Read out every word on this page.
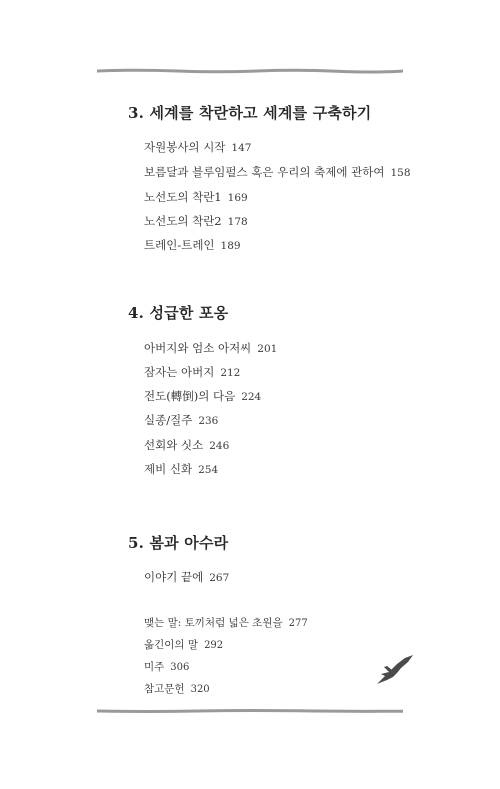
3. 세계를 착란하고 세계를 구축하기
자원봉사의 시작 147
보름달과 블루임펄스 혹은 우리의 축제에 관하여 158
노선도의 착란1 169
노선도의 착란2 178
트레인-트레인 189
4. 성급한 포옹
아버지와 엄소 아저씨 201
잠자는 아버지 212
전도(轉倒)의 다음 224
실종/질주 236
선회와 싯소 246
제비 신화 254
5. 봄과 아수라
이야기 끝에 267
맺는 말: 토끼처럼 넓은 초원을 277
옮긴이의 말 292
미주 306
참고문헌 320
